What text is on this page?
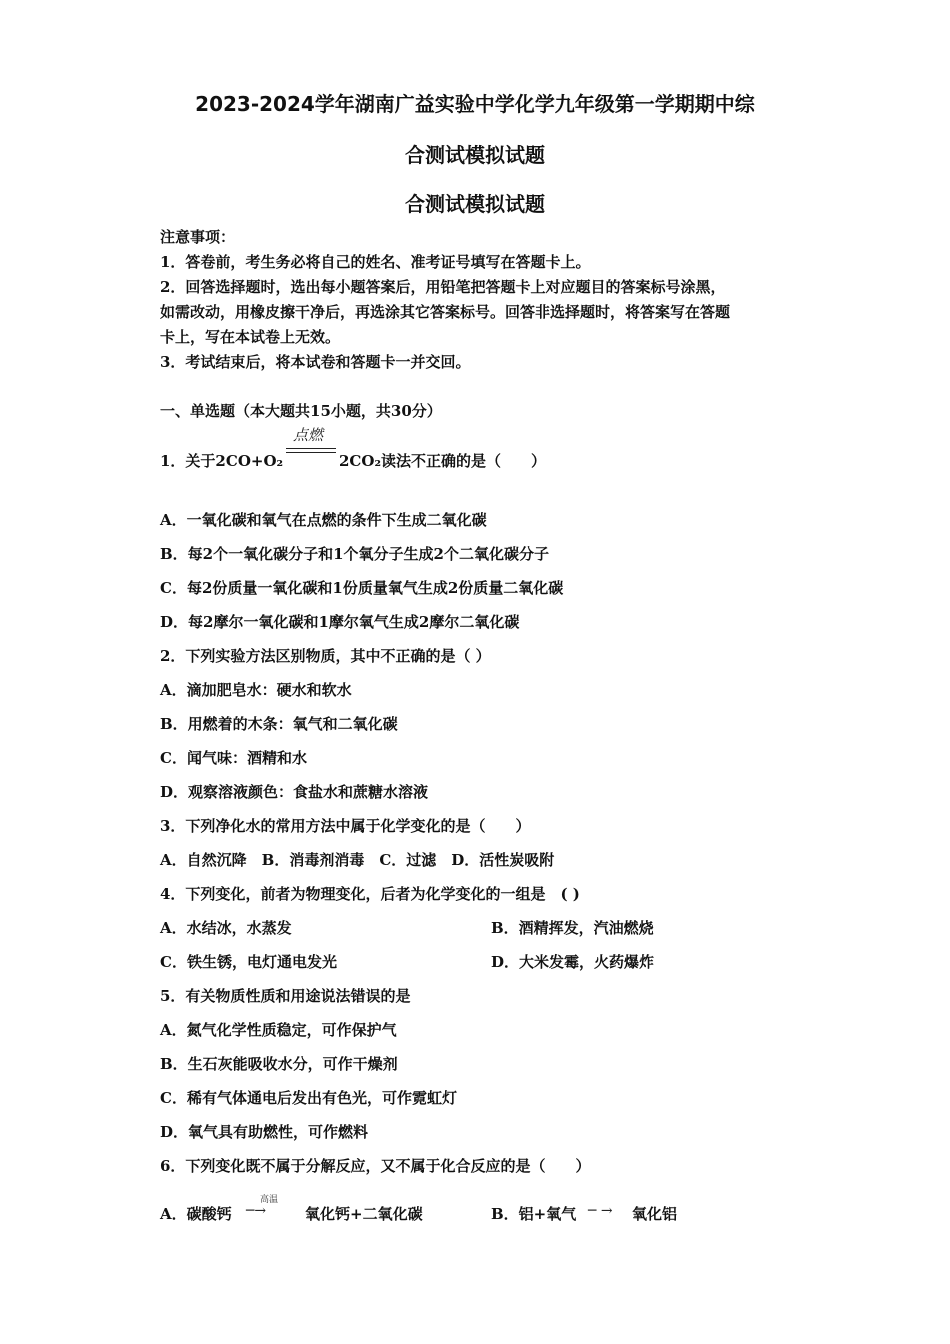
2023-2024学年湖南广益实验中学化学九年级第一学期期中综
合测试模拟试题
合测试模拟试题
注意事项：
1．答卷前，考生务必将自己的姓名、准考证号填写在答题卡上。
2．回答选择题时，选出每小题答案后，用铅笔把答题卡上对应题目的答案标号涂黑，
如需改动，用橡皮擦干净后，再选涂其它答案标号。回答非选择题时，将答案写在答题
卡上，写在本试卷上无效。
3．考试结束后，将本试卷和答题卡一并交回。
一、单选题（本大题共15小题，共30分）
1．关于2CO+O₂
点燃
2CO₂读法不正确的是（　　）
A．一氧化碳和氧气在点燃的条件下生成二氧化碳
B．每2个一氧化碳分子和1个氧分子生成2个二氧化碳分子
C．每2份质量一氧化碳和1份质量氧气生成2份质量二氧化碳
D．每2摩尔一氧化碳和1摩尔氧气生成2摩尔二氧化碳
2．下列实验方法区别物质，其中不正确的是（ ）
A．滴加肥皂水：硬水和软水
B．用燃着的木条：氧气和二氧化碳
C．闻气味：酒精和水
D．观察溶液颜色：食盐水和蔗糖水溶液
3．下列净化水的常用方法中属于化学变化的是（　　）
A．自然沉降　B．消毒剂消毒　C．过滤　D．活性炭吸附
4．下列变化，前者为物理变化，后者为化学变化的一组是　( )
A．水结冰，水蒸发	B．酒精挥发，汽油燃烧
C．铁生锈，电灯通电发光	D．大米发霉，火药爆炸
5．有关物质性质和用途说法错误的是
A．氮气化学性质稳定，可作保护气
B．生石灰能吸收水分，可作干燥剂
C．稀有气体通电后发出有色光，可作霓虹灯
D．氧气具有助燃性，可作燃料
6．下列变化既不属于分解反应，又不属于化合反应的是（　　）
A．碳酸钙
高温
─→	氧化钙+二氧化碳	B．铝+氧气 ─ → 氧化铝
